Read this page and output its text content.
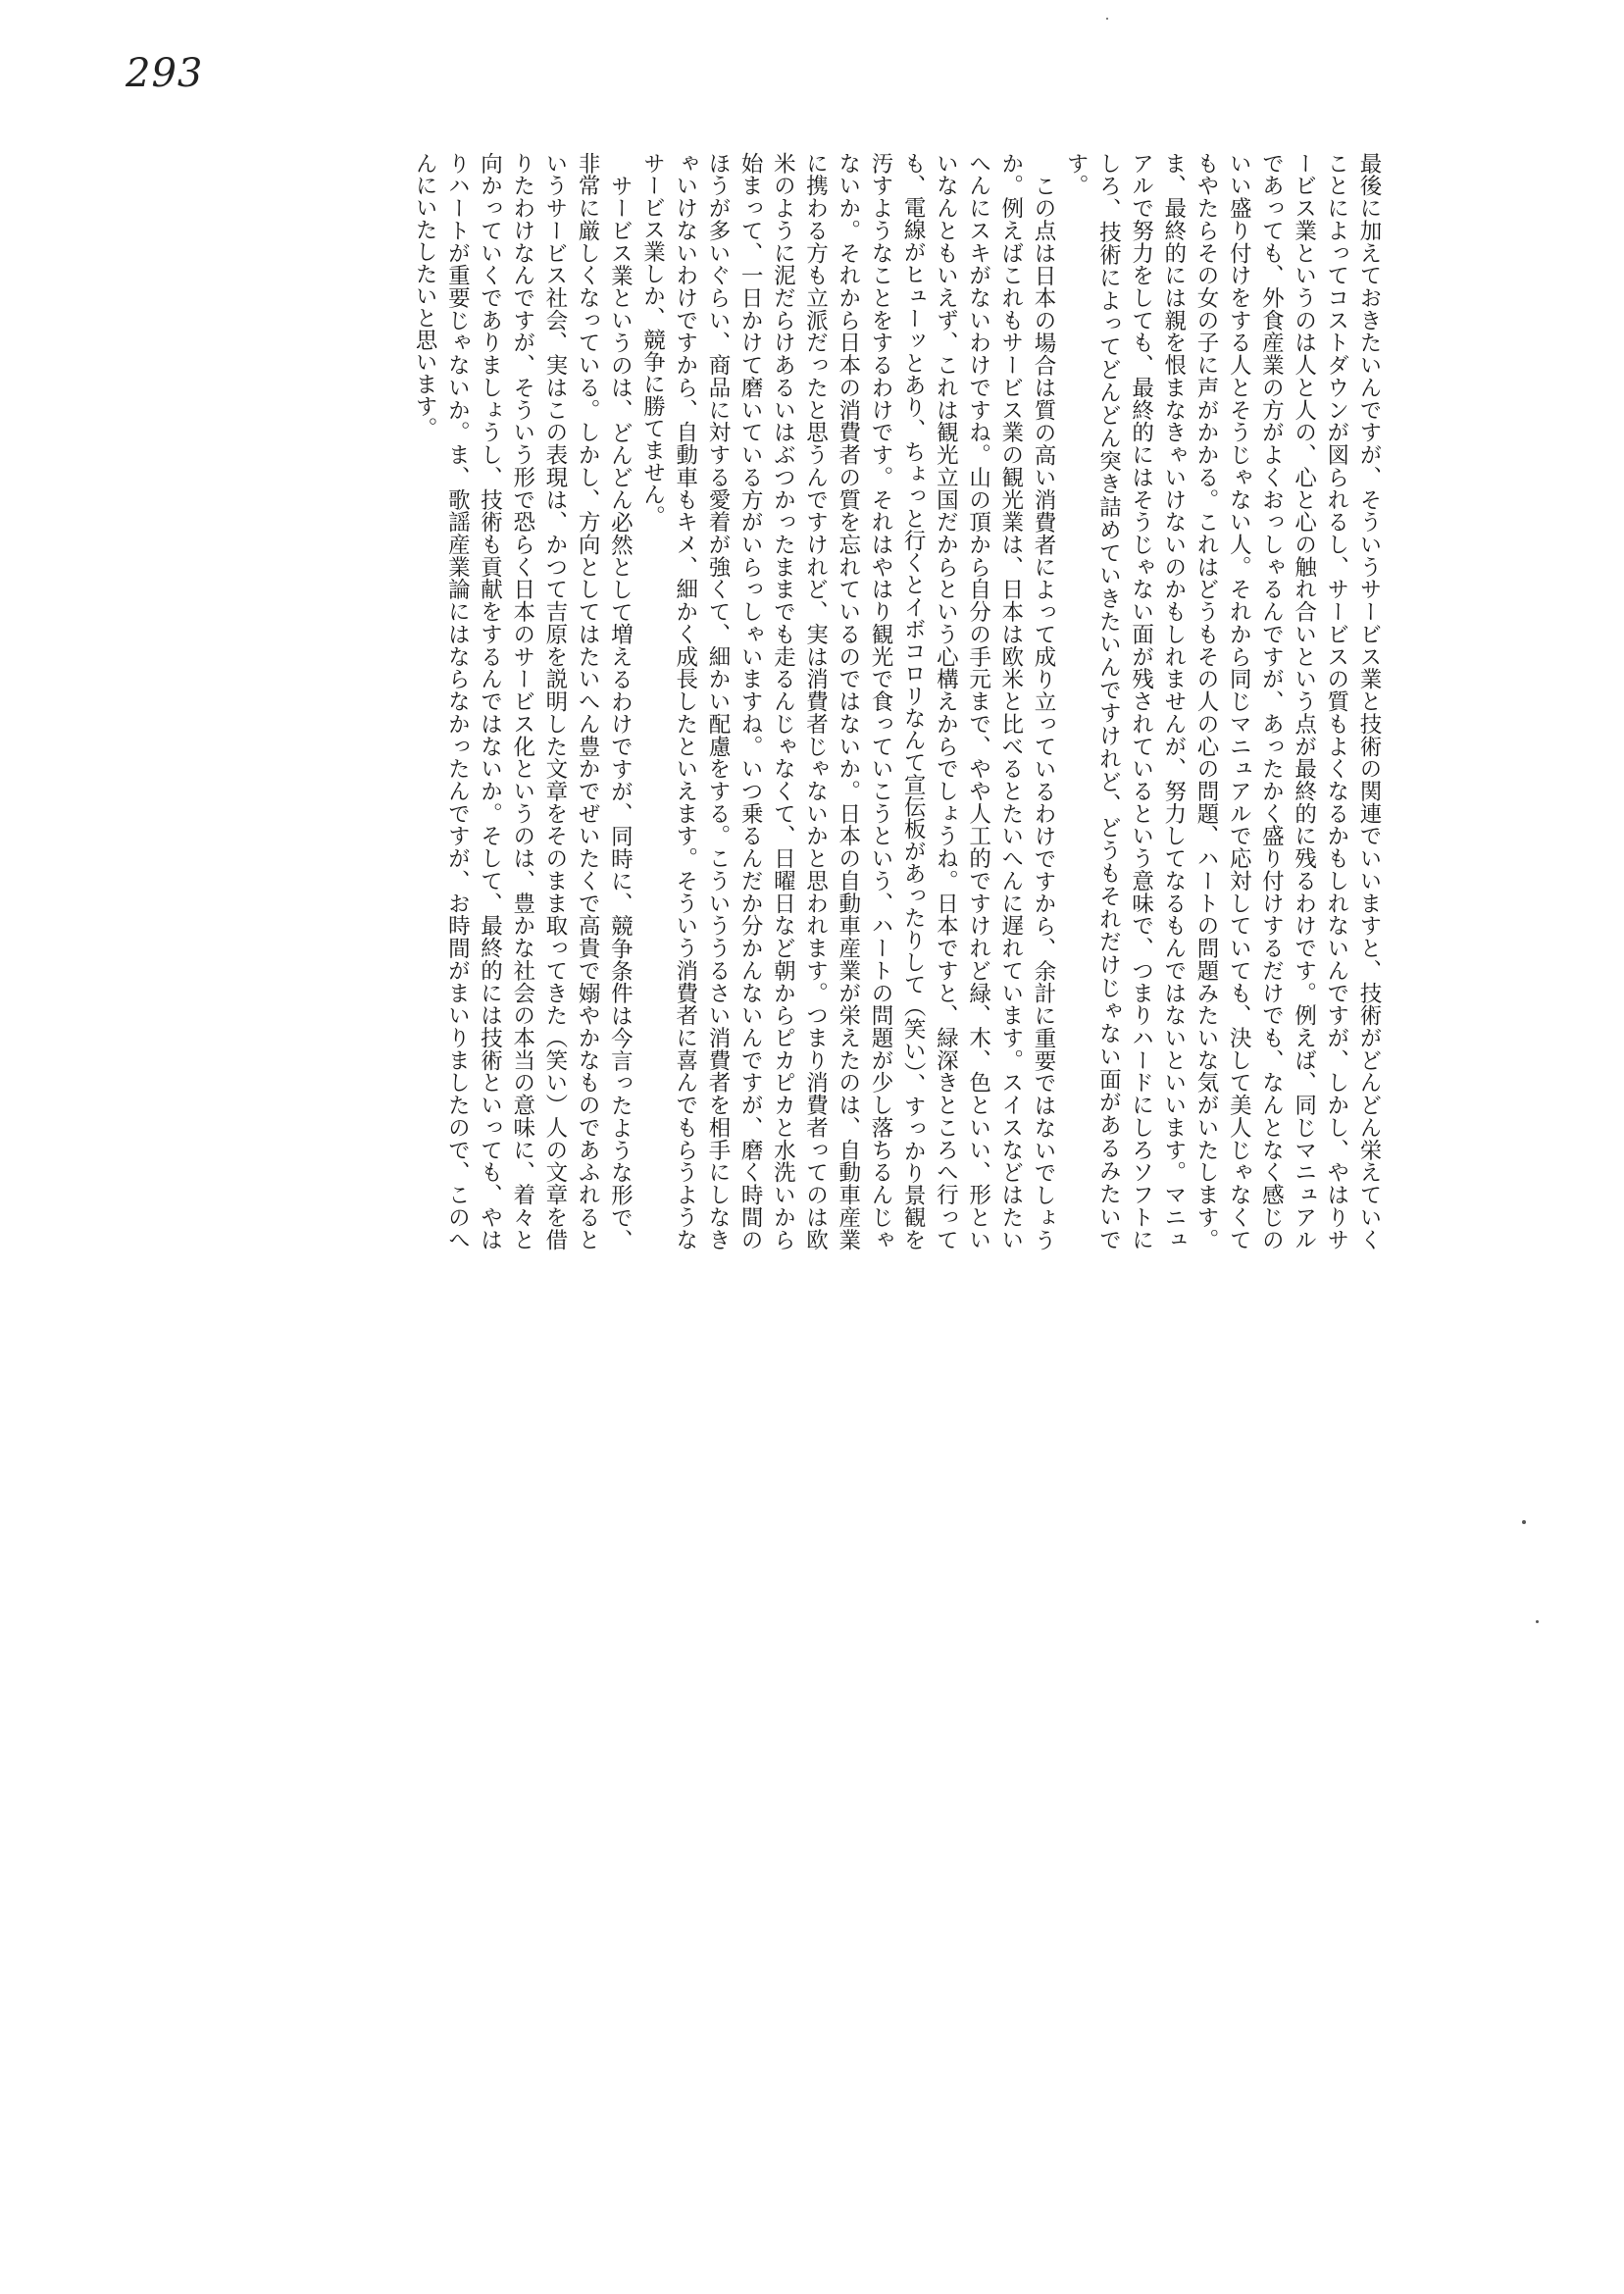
293

最後に加えておきたいんですが、そういうサービス業と技術の関連でいいますと、技術がどんどん栄えていくことによってコストダウンが図られるし、サービスの質もよくなるかもしれないんですが、しかし、やはりサービス業というのは人と人の、心と心の触れ合いという点が最終的に残るわけです。例えば、同じマニュアルであっても、外食産業の方がよくおっしゃるんですが、あったかく盛り付けするだけでも、なんとなく感じのいい盛り付けをする人とそうじゃない人。それから同じマニュアルで応対していても、決して美人じゃなくてもやたらその女の子に声がかかる。これはどうもその人の心の問題、ハートの問題みたいな気がいたします。ま、最終的には親を恨まなきゃいけないのかもしれませんが、努力してなるもんではないといいます。マニュアルで努力をしても、最終的にはそうじゃない面が残されているという意味で、つまりハードにしろソフトにしろ、技術によってどんどん突き詰めていきたいんですけれど、どうもそれだけじゃない面があるみたいです。

この点は日本の場合は質の高い消費者によって成り立っているわけですから、余計に重要ではないでしょうか。例えばこれもサービス業の観光業は、日本は欧米と比べるとたいへんに遅れています。スイスなどはたいへんにスキがないわけですね。山の頂から自分の手元まで、やや人工的ですけれど緑、木、色といい、形といいなんともいえず、これは観光立国だからという心構えからでしょうね。日本ですと、緑深きところへ行っても、電線がヒューッとあり、ちょっと行くとイボコロリなんて宣伝板があったりして（笑い）、すっかり景観を汚すようなことをするわけです。それはやはり観光で食っていこうという、ハートの問題が少し落ちるんじゃないか。それから日本の消費者の質を忘れているのではないか。日本の自動車産業が栄えたのは、自動車産業に携わる方も立派だったと思うんですけれど、実は消費者じゃないかと思われます。つまり消費者ってのは欧米のように泥だらけあるいはぶつかったままでも走るんじゃなくて、日曜日など朝からピカピカと水洗いから始まって、一日かけて磨いている方がいらっしゃいますね。いつ乗るんだか分かんないんですが、磨く時間のほうが多いぐらい、商品に対する愛着が強くて、細かい配慮をする。こういううるさい消費者を相手にしなきゃいけないわけですから、自動車もキメ、細かく成長したといえます。そういう消費者に喜んでもらうようなサービス業しか、競争に勝てません。

サービス業というのは、どんどん必然として増えるわけですが、同時に、競争条件は今言ったような形で、非常に厳しくなっている。しかし、方向としてはたいへん豊かでぜいたくで高貴で嫋やかなものであふれるというサービス社会、実はこの表現は、かつて吉原を説明した文章をそのまま取ってきた（笑い）人の文章を借りたわけなんですが、そういう形で恐らく日本のサービス化というのは、豊かな社会の本当の意味に、着々と向かっていくでありましょうし、技術も貢献をするんではないか。そして、最終的には技術といっても、やはりハートが重要じゃないか。ま、歌謡産業論にはならなかったんですが、お時間がまいりましたので、このへんにいたしたいと思います。
